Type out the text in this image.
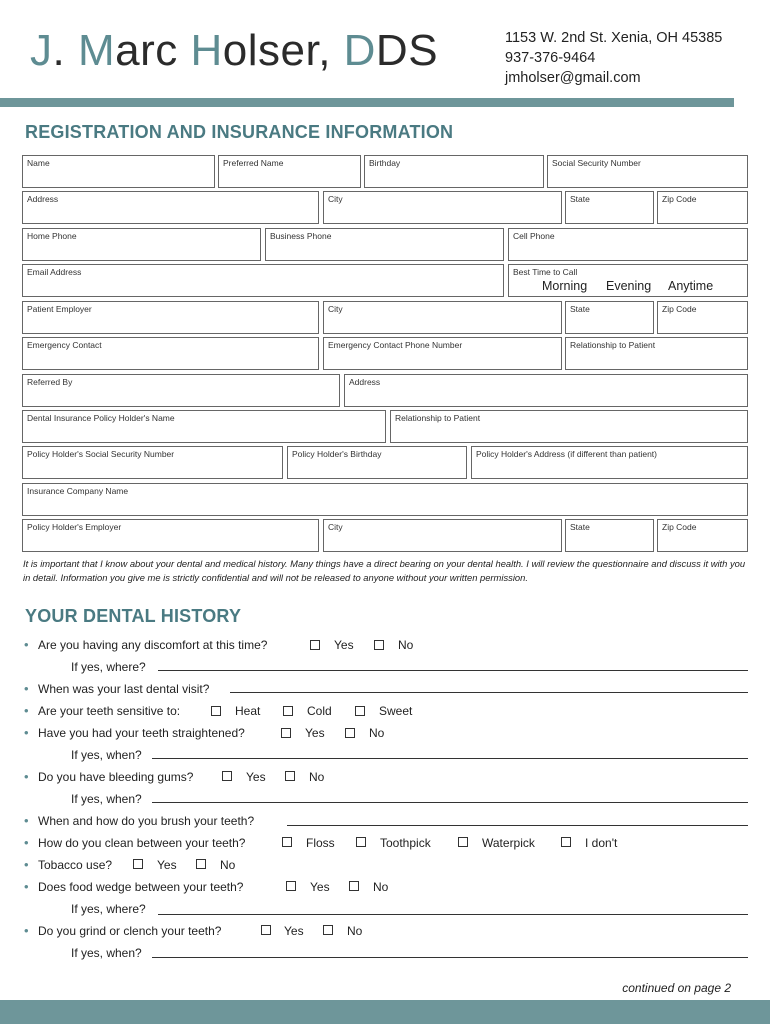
J. Marc Holser, DDS	1153 W. 2nd St. Xenia, OH 45385
937-376-9464
jmholser@gmail.com
REGISTRATION AND INSURANCE INFORMATION
Name	Preferred Name	Birthday	Social Security Number
Address	City	State	Zip Code
Home Phone	Business Phone	Cell Phone
Email Address	Best Time to Call
Morning Evening Anytime
Patient Employer	City	State	Zip Code
Emergency Contact	Emergency Contact Phone Number	Relationship to Patient
Referred By	Address
Dental Insurance Policy Holder's Name	Relationship to Patient
Policy Holder's Social Security Number	Policy Holder's Birthday	Policy Holder's Address (if different than patient)
Insurance Company Name
Policy Holder's Employer	City	State	Zip Code
It is important that I know about your dental and medical history. Many things have a direct bearing on your dental health. I will review the questionnaire and discuss it with you in detail. Information you give me is strictly confidential and will not be released to anyone without your written permission.
YOUR DENTAL HISTORY
• Are you having any discomfort at this time?	Yes	No
If yes, where?
• When was your last dental visit?
• Are your teeth sensitive to:	Heat	Cold	Sweet
• Have you had your teeth straightened?	Yes	No
If yes, when?
• Do you have bleeding gums?	Yes	No
If yes, when?
• When and how do you brush your teeth?
• How do you clean between your teeth?	Floss	Toothpick	Waterpick	I don't
• Tobacco use?	Yes	No
• Does food wedge between your teeth?	Yes	No
If yes, where?
• Do you grind or clench your teeth?	Yes	No
If yes, when?
continued on page 2
